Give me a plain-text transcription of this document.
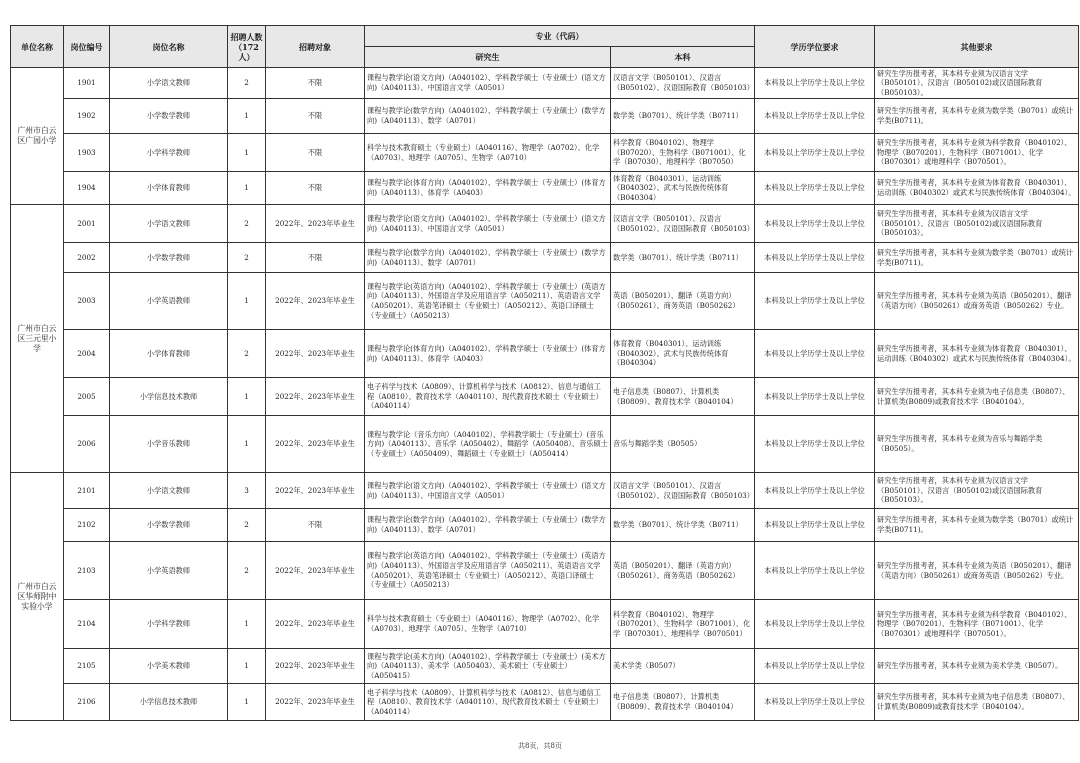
单位名称	岗位编号	岗位名称	招聘人数（172人）	招聘对象	专业（代码）		学历学位要求	其他要求
					研究生	本科		
广州市白云区广园小学	1901	小学语文教师	2	不限	课程与教学论(语文方向)（A040102）、学科教学硕士（专业硕士）(语文方向)（A040113）、中国语言文学（A0501）	汉语言文学（B050101）、汉语言（B050102）、汉语国际教育（B050103）	本科及以上学历学士及以上学位	研究生学历报考者，其本科专业须为汉语言文学（B050101）、汉语言（B050102)或汉语国际教育（B050103）。
	1902	小学数学教师	1	不限	课程与教学论(数学方向)（A040102）、学科教学硕士（专业硕士）(数学方向)（A040113）、数学（A0701）	数学类（B0701）、统计学类（B0711）	本科及以上学历学士及以上学位	研究生学历报考者，其本科专业须为数学类（B0701）或统计学类(B0711)。
	1903	小学科学教师	1	不限	科学与技术教育硕士（专业硕士）（A040116）、物理学（A0702）、化学（A0703）、地理学（A0705）、生物学（A0710）	科学教育（B040102）、物理学（B07020）、生物科学（B071001）、化学（B07030）、地理科学（B07050）	本科及以上学历学士及以上学位	研究生学历报考者，其本科专业须为科学教育（B040102）、物理学（B070201）、生物科学（B071001）、化学（B070301）或地理科学（B070501）。
	1904	小学体育教师	1	不限	课程与教学论(体育方向)（A040102）、学科教学硕士（专业硕士）(体育方向)（A040113）、体育学（A0403）	体育教育（B040301）、运动训练（B040302）、武术与民族传统体育（B040304）	本科及以上学历学士及以上学位	研究生学历报考者，其本科专业须为体育教育（B040301）、运动训练（B040302）或武术与民族传统体育（B040304）。
广州市白云区三元里小学	2001	小学语文教师	2	2022年、2023年毕业生	课程与教学论(语文方向)（A040102）、学科教学硕士（专业硕士）(语文方向)（A040113）、中国语言文学（A0501）	汉语言文学（B050101）、汉语言（B050102）、汉语国际教育（B050103）	本科及以上学历学士及以上学位	研究生学历报考者，其本科专业须为汉语言文学（B050101）、汉语言（B050102)或汉语国际教育（B050103）。
	2002	小学数学教师	2	不限	课程与教学论(数学方向)（A040102）、学科教学硕士（专业硕士）(数学方向)（A040113）、数学（A0701）	数学类（B0701）、统计学类（B0711）	本科及以上学历学士及以上学位	研究生学历报考者，其本科专业须为数学类（B0701）或统计学类(B0711)。
	2003	小学英语教师	1	2022年、2023年毕业生	课程与教学论(英语方向)（A040102）、学科教学硕士（专业硕士）(英语方向)（A040113）、外国语言学及应用语言学（A050211）、英语语言文学（A050201）、英语笔译硕士（专业硕士）（A050212）、英语口译硕士（专业硕士）（A050213）	英语（B050201）、翻译（英语方向）（B050261）、商务英语（B050262）	本科及以上学历学士及以上学位	研究生学历报考者，其本科专业须为英语（B050201）、翻译（英语方向）（B050261）或商务英语（B050262）专业。
	2004	小学体育教师	2	2022年、2023年毕业生	课程与教学论(体育方向)（A040102）、学科教学硕士（专业硕士）(体育方向)（A040113）、体育学（A0403）	体育教育（B040301）、运动训练（B040302）、武术与民族传统体育（B040304）	本科及以上学历学士及以上学位	研究生学历报考者，其本科专业须为体育教育（B040301）、运动训练（B040302）或武术与民族传统体育（B040304）。
	2005	小学信息技术教师	1	2022年、2023年毕业生	电子科学与技术（A0809）、计算机科学与技术（A0812）、信息与通信工程（A0810）、教育技术学（A040110）、现代教育技术硕士（专业硕士）（A040114）	电子信息类（B0807）、计算机类（B0809）、教育技术学（B040104）	本科及以上学历学士及以上学位	研究生学历报考者，其本科专业须为电子信息类（B0807）、计算机类(B0809)或教育技术学（B040104）。
	2006	小学音乐教师	1	2022年、2023年毕业生	课程与教学论（音乐方向）（A040102）、学科教学硕士（专业硕士）(音乐方向)（A040113）、音乐学（A050402）、舞蹈学（A050408）、音乐硕士（专业硕士）（A050409）、舞蹈硕士（专业硕士）（A050414）	音乐与舞蹈学类（B0505）	本科及以上学历学士及以上学位	研究生学历报考者，其本科专业须为音乐与舞蹈学类（B0505）。
广州市白云区华师附中实验小学	2101	小学语文教师	3	2022年、2023年毕业生	课程与教学论(语文方向)（A040102）、学科教学硕士（专业硕士）(语文方向)（A040113）、中国语言文学（A0501）	汉语言文学（B050101）、汉语言（B050102）、汉语国际教育（B050103）	本科及以上学历学士及以上学位	研究生学历报考者，其本科专业须为汉语言文学（B050101）、汉语言（B050102)或汉语国际教育（B050103）。
	2102	小学数学教师	2	不限	课程与教学论(数学方向)（A040102）、学科教学硕士（专业硕士）(数学方向)（A040113）、数学（A0701）	数学类（B0701）、统计学类（B0711）	本科及以上学历学士及以上学位	研究生学历报考者，其本科专业须为数学类（B0701）或统计学类(B0711)。
	2103	小学英语教师	2	2022年、2023年毕业生	课程与教学论(英语方向)（A040102）、学科教学硕士（专业硕士）(英语方向)（A040113）、外国语言学及应用语言学（A050211）、英语语言文学（A050201）、英语笔译硕士（专业硕士）（A050212）、英语口译硕士（专业硕士）（A050213）	英语（B050201）、翻译（英语方向）（B050261）、商务英语（B050262）	本科及以上学历学士及以上学位	研究生学历报考者，其本科专业须为英语（B050201）、翻译（英语方向）（B050261）或商务英语（B050262）专业。
	2104	小学科学教师	1	2022年、2023年毕业生	科学与技术教育硕士（专业硕士）（A040116）、物理学（A0702）、化学（A0703）、地理学（A0705）、生物学（A0710）	科学教育（B040102）、物理学（B070201）、生物科学（B071001）、化学（B070301）、地理科学（B070501）	本科及以上学历学士及以上学位	研究生学历报考者，其本科专业须为科学教育（B040102）、物理学（B070201）、生物科学（B071001）、化学（B070301）或地理科学（B070501）。
	2105	小学美术教师	1	2022年、2023年毕业生	课程与教学论(美术方向)（A040102）、学科教学硕士（专业硕士）(美术方向)（A040113）、美术学（A050403）、美术硕士（专业硕士）（A050415）	美术学类（B0507）	本科及以上学历学士及以上学位	研究生学历报考者，其本科专业须为美术学类（B0507）。
	2106	小学信息技术教师	1	2022年、2023年毕业生	电子科学与技术（A0809）、计算机科学与技术（A0812）、信息与通信工程（A0810）、教育技术学（A040110）、现代教育技术硕士（专业硕士）（A040114）	电子信息类（B0807）、计算机类（B0809）、教育技术学（B040104）	本科及以上学历学士及以上学位	研究生学历报考者，其本科专业须为电子信息类（B0807）、计算机类(B0809)或教育技术学（B040104）。
共8页，共8页
